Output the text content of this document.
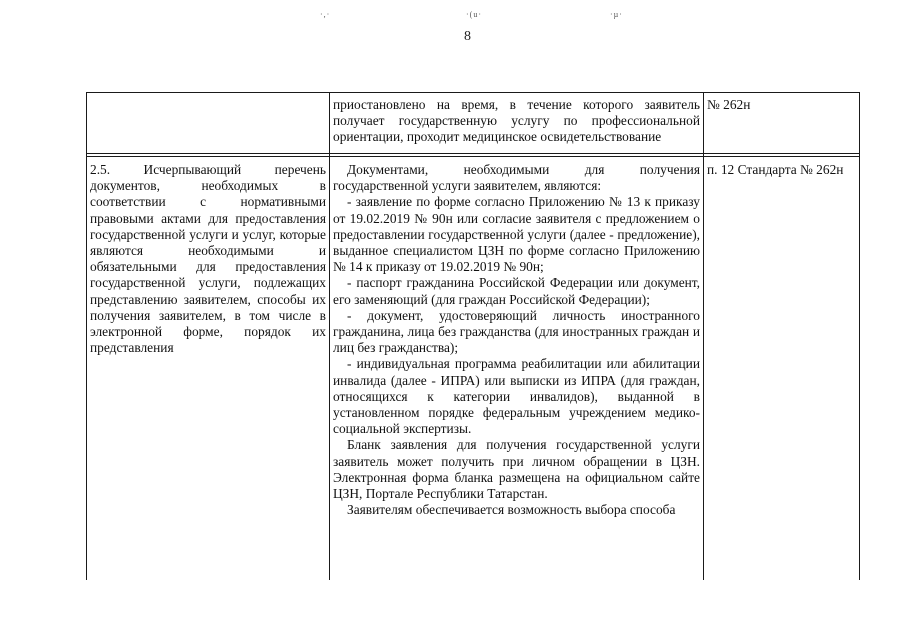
·,·	·(u·	·µ·
8

приостановлено на время, в течение которого заявитель получает государственную услугу по профессиональной ориентации, проходит медицинское освидетельствование

№ 262н

2.5. Исчерпывающий перечень документов, необходимых в соответствии с нормативными правовыми актами для предоставления государственной услуги и услуг, которые являются необходимыми и обязательными для предоставления государственной услуги, подлежащих представлению заявителем, способы их получения заявителем, в том числе в электронной форме, порядок их представления

Документами, необходимыми для получения государственной услуги заявителем, являются:

- заявление по форме согласно Приложению № 13 к приказу от 19.02.2019 № 90н или согласие заявителя с предложением о предоставлении государственной услуги (далее - предложение), выданное специалистом ЦЗН по форме согласно Приложению № 14 к приказу от 19.02.2019 № 90н;

- паспорт гражданина Российской Федерации или документ, его заменяющий (для граждан Российской Федерации);

- документ, удостоверяющий личность иностранного гражданина, лица без гражданства (для иностранных граждан и лиц без гражданства);

- индивидуальная программа реабилитации или абилитации инвалида (далее - ИПРА) или выписки из ИПРА (для граждан, относящихся к категории инвалидов), выданной в установленном порядке федеральным учреждением медико-социальной экспертизы.

Бланк заявления для получения государственной услуги заявитель может получить при личном обращении в ЦЗН. Электронная форма бланка размещена на официальном сайте ЦЗН, Портале Республики Татарстан.

Заявителям обеспечивается возможность выбора способа

п. 12 Стандарта № 262н
